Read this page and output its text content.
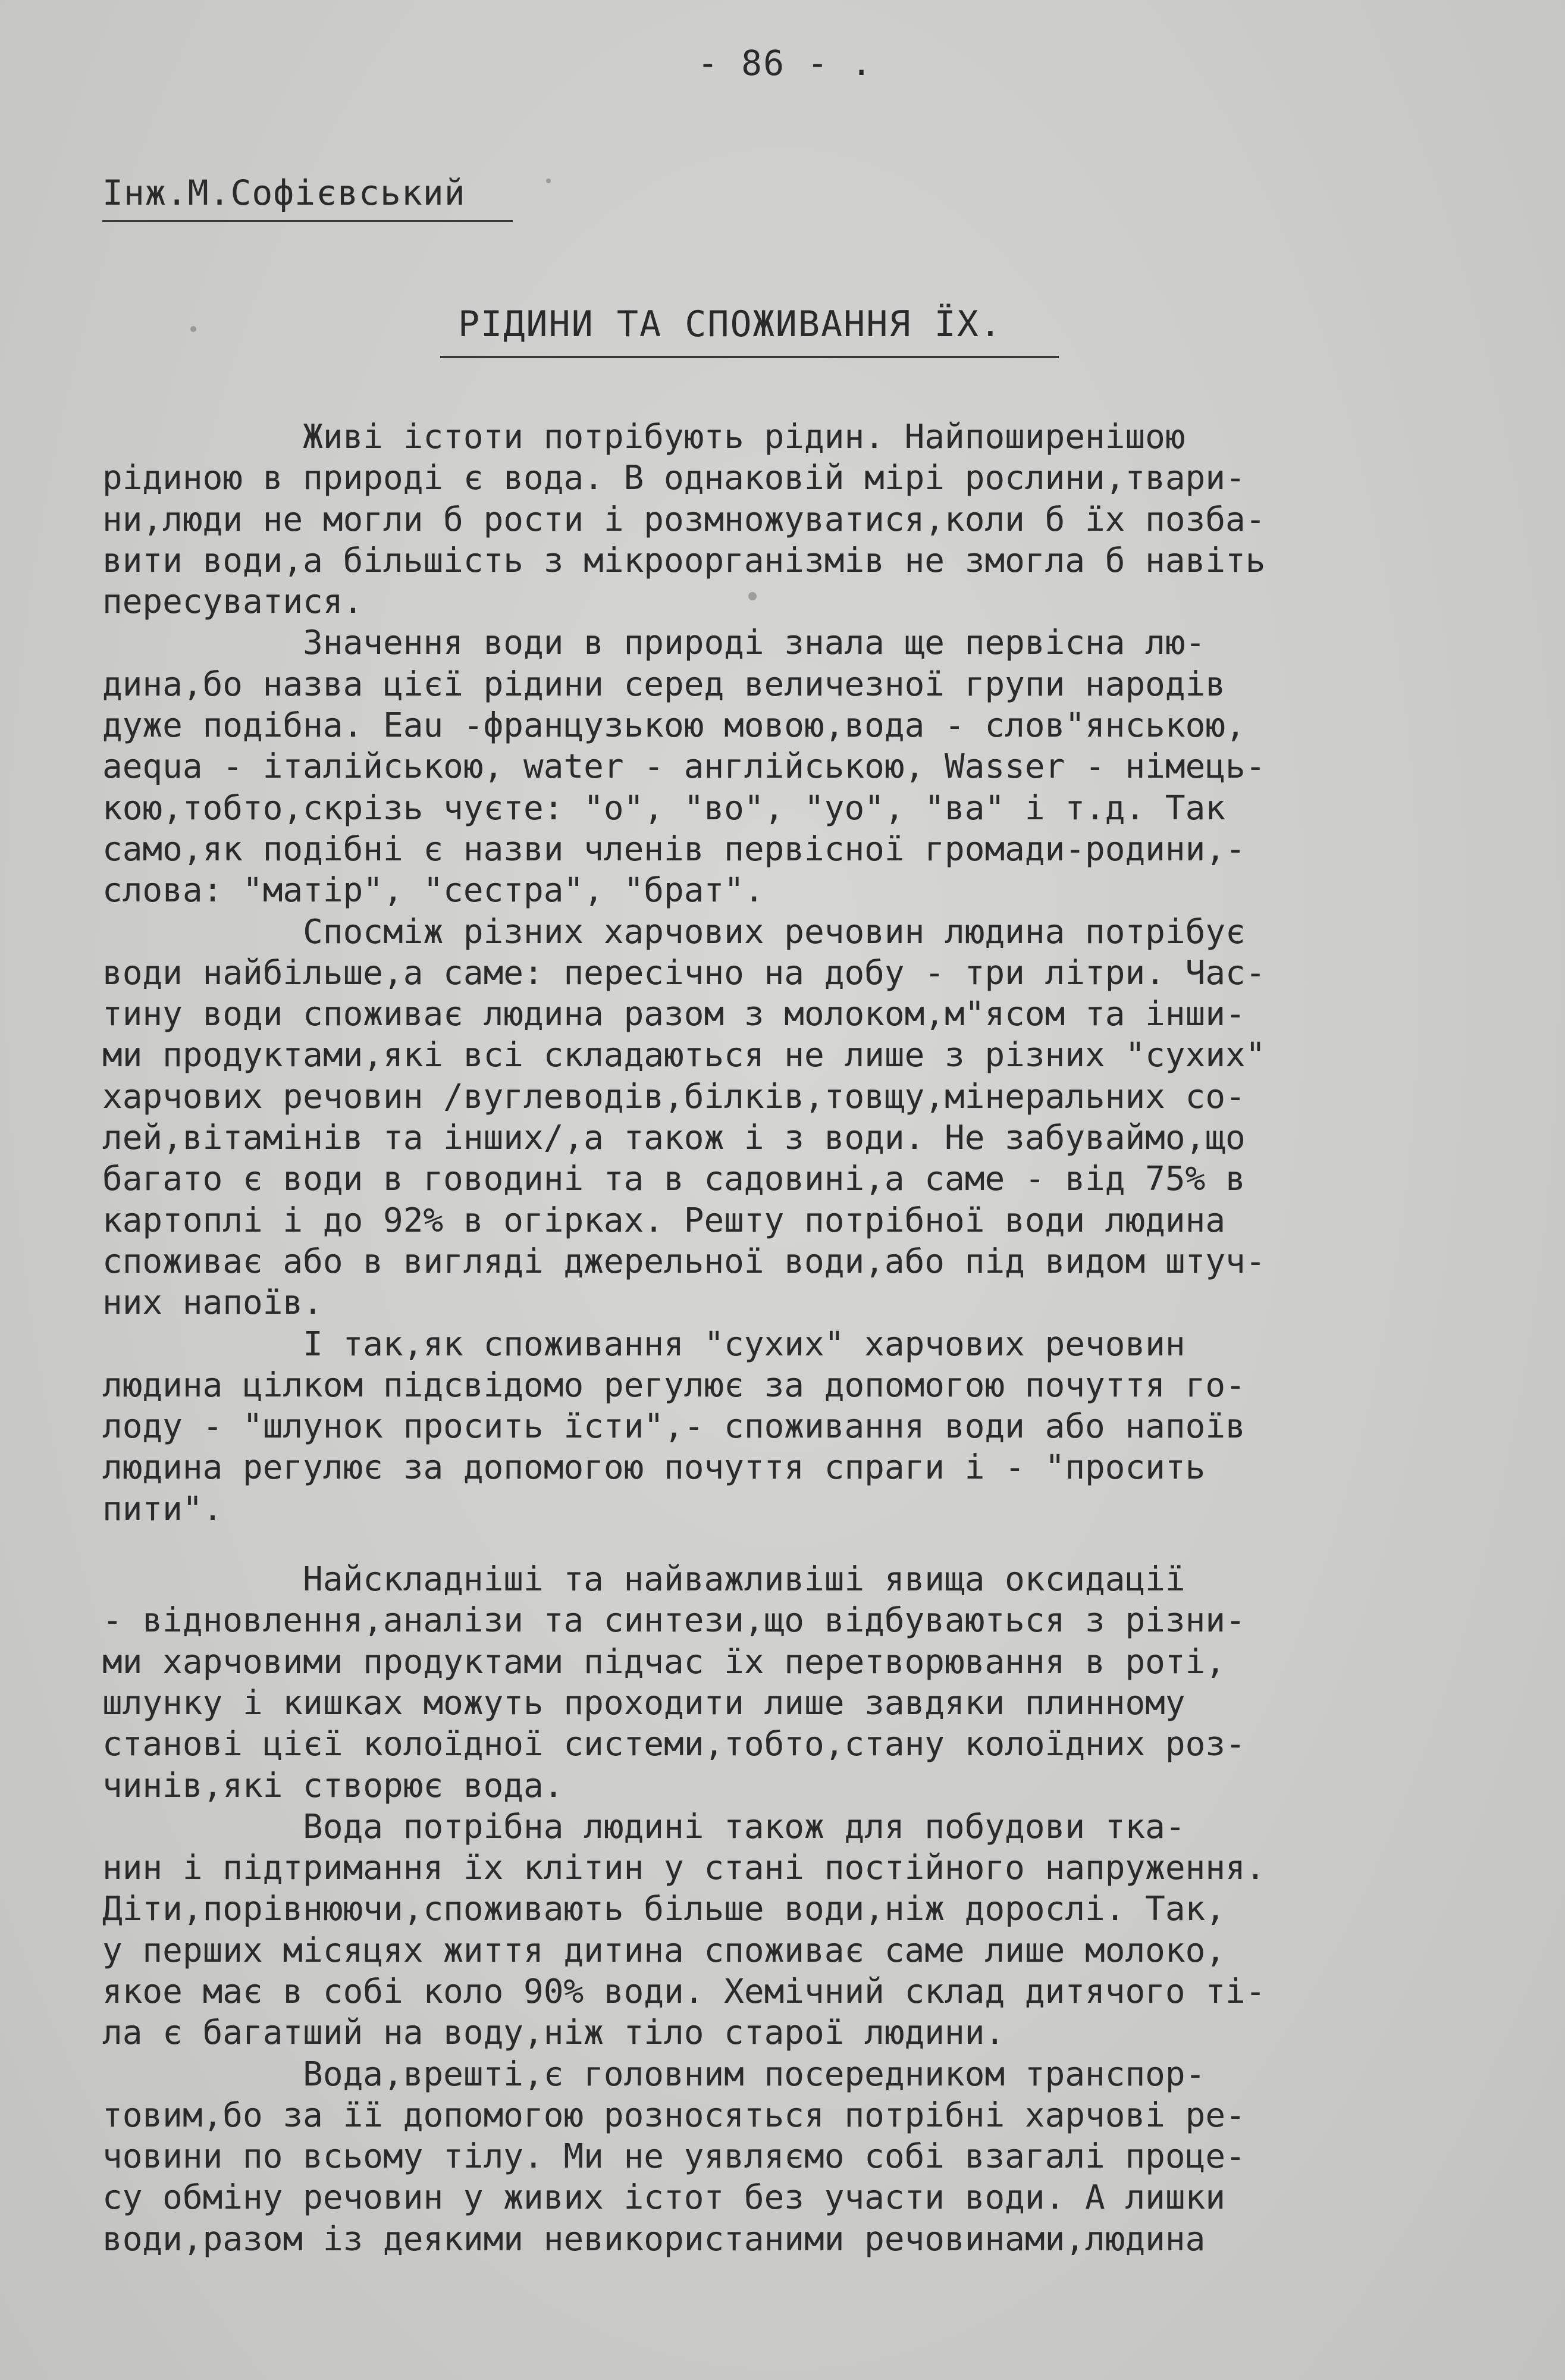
- 86 - .
Інж.М.Софієвський
РІДИНИ ТА СПОЖИВАННЯ ЇХ.
Живі істоти потрібують рідин. Найпоширенішою
рідиною в природі є вода. В однаковій мірі рослини,твари-
ни,люди не могли б рости і розмножуватися,коли б їх позба-
вити води,а більшість з мікроорганізмів не змогла б навіть
пересуватися.
Значення води в природі знала ще первісна лю-
дина,бо назва цієї рідини серед величезної групи народів
дуже подібна. Eau -французькою мовою,вода - слов"янською,
aequa - італійською, water - англійською, Wasser - німець-
кою,тобто,скрізь чуєте: "о", "во", "уо", "ва" і т.д. Так
само,як подібні є назви членів первісної громади-родини,-
слова: "матір", "сестра", "брат".
Спосміж різних харчових речовин людина потрібує
води найбільше,а саме: пересічно на добу - три літри. Час-
тину води споживає людина разом з молоком,м"ясом та інши-
ми продуктами,які всі складаються не лише з різних "сухих"
харчових речовин /вуглеводів,білків,товщу,мінеральних со-
лей,вітамінів та інших/,а також і з води. Не забуваймо,що
багато є води в говодині та в садовині,а саме - від 75% в
картоплі і до 92% в огірках. Решту потрібної води людина
споживає або в вигляді джерельної води,або під видом штуч-
них напоїв.
І так,як споживання "сухих" харчових речовин
людина цілком підсвідомо регулює за допомогою почуття го-
лоду - "шлунок просить їсти",- споживання води або напоїв
людина регулює за допомогою почуття спраги і - "просить
пити".
Найскладніші та найважливіші явища оксидації
- відновлення,аналізи та синтези,що відбуваються з різни-
ми харчовими продуктами підчас їх перетворювання в роті,
шлунку і кишках можуть проходити лише завдяки плинному
станові цієї колоїдної системи,тобто,стану колоїдних роз-
чинів,які створює вода.
Вода потрібна людині також для побудови тка-
нин і підтримання їх клітин у стані постійного напруження.
Діти,порівнюючи,споживають більше води,ніж дорослі. Так,
у перших місяцях життя дитина споживає саме лише молоко,
якое має в собі коло 90% води. Хемічний склад дитячого ті-
ла є багатший на воду,ніж тіло старої людини.
Вода,врешті,є головним посередником транспор-
товим,бо за її допомогою розносяться потрібні харчові ре-
човини по всьому тілу. Ми не уявляємо собі взагалі проце-
су обміну речовин у живих істот без участи води. А лишки
води,разом із деякими невикористаними речовинами,людина
